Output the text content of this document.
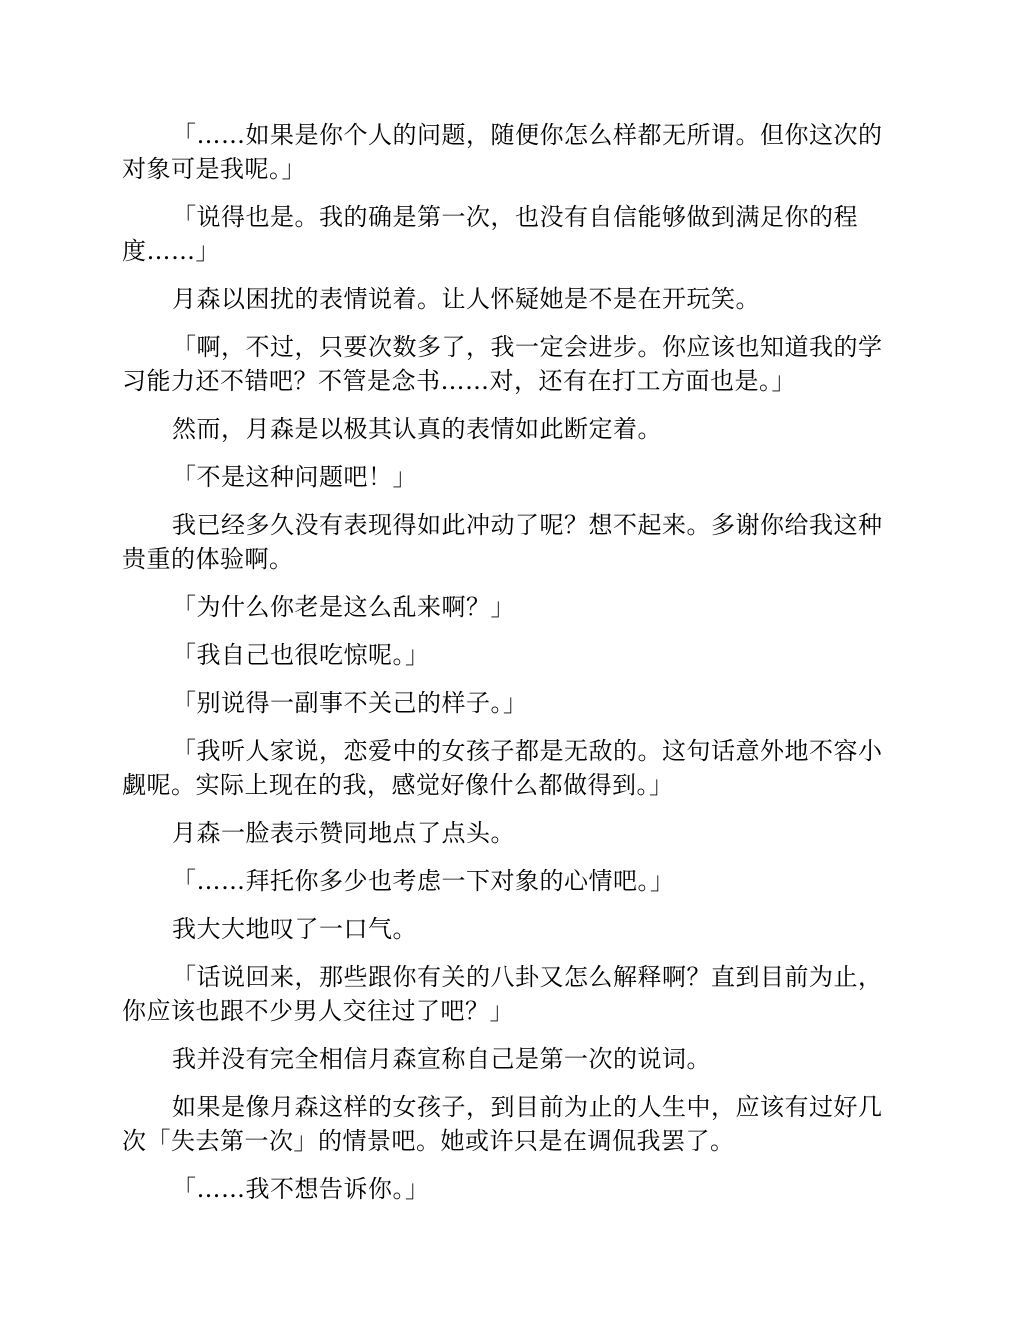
「……如果是你个人的问题，随便你怎么样都无所谓。但你这次的对象可是我呢。」

「说得也是。我的确是第一次，也没有自信能够做到满足你的程度……」

月森以困扰的表情说着。让人怀疑她是不是在开玩笑。

「啊，不过，只要次数多了，我一定会进步。你应该也知道我的学习能力还不错吧？不管是念书……对，还有在打工方面也是。」

然而，月森是以极其认真的表情如此断定着。

「不是这种问题吧！」

我已经多久没有表现得如此冲动了呢？想不起来。多谢你给我这种贵重的体验啊。

「为什么你老是这么乱来啊？」

「我自己也很吃惊呢。」

「别说得一副事不关己的样子。」

「我听人家说，恋爱中的女孩子都是无敌的。这句话意外地不容小觑呢。实际上现在的我，感觉好像什么都做得到。」

月森一脸表示赞同地点了点头。

「……拜托你多少也考虑一下对象的心情吧。」

我大大地叹了一口气。

「话说回来，那些跟你有关的八卦又怎么解释啊？直到目前为止，你应该也跟不少男人交往过了吧？」

我并没有完全相信月森宣称自己是第一次的说词。

如果是像月森这样的女孩子，到目前为止的人生中，应该有过好几次「失去第一次」的情景吧。她或许只是在调侃我罢了。

「……我不想告诉你。」
